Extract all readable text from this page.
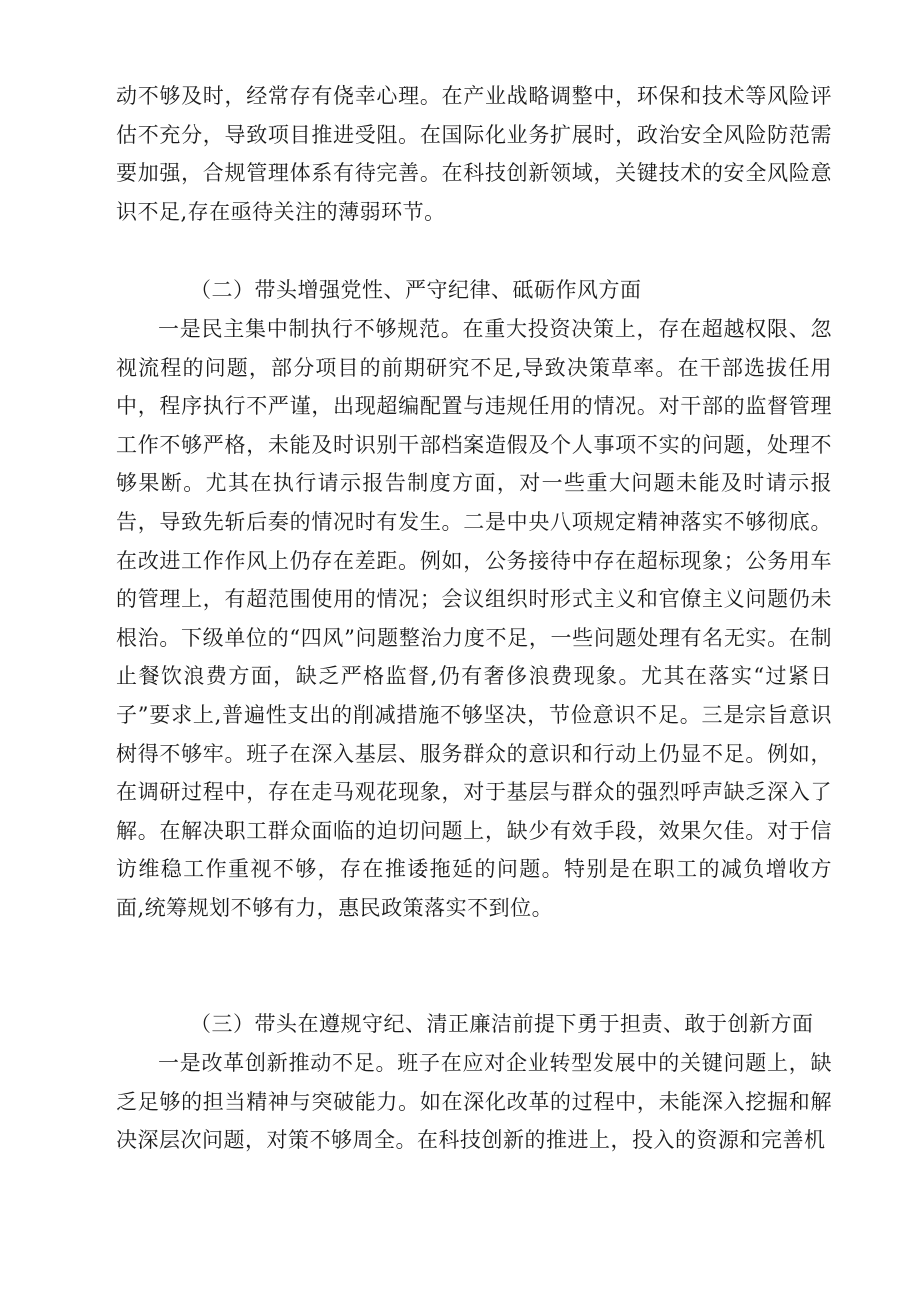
动不够及时，经常存有侥幸心理。在产业战略调整中，环保和技术等风险评估不充分，导致项目推进受阻。在国际化业务扩展时，政治安全风险防范需要加强，合规管理体系有待完善。在科技创新领域，关键技术的安全风险意识不足,存在亟待关注的薄弱环节。

（二）带头增强党性、严守纪律、砥砺作风方面

一是民主集中制执行不够规范。在重大投资决策上，存在超越权限、忽视流程的问题，部分项目的前期研究不足,导致决策草率。在干部选拔任用中，程序执行不严谨，出现超编配置与违规任用的情况。对干部的监督管理工作不够严格，未能及时识别干部档案造假及个人事项不实的问题，处理不够果断。尤其在执行请示报告制度方面，对一些重大问题未能及时请示报告，导致先斩后奏的情况时有发生。二是中央八项规定精神落实不够彻底。在改进工作作风上仍存在差距。例如，公务接待中存在超标现象；公务用车的管理上，有超范围使用的情况；会议组织时形式主义和官僚主义问题仍未根治。下级单位的“四风”问题整治力度不足，一些问题处理有名无实。在制止餐饮浪费方面，缺乏严格监督,仍有奢侈浪费现象。尤其在落实“过紧日子”要求上,普遍性支出的削减措施不够坚决，节俭意识不足。三是宗旨意识树得不够牢。班子在深入基层、服务群众的意识和行动上仍显不足。例如，在调研过程中，存在走马观花现象，对于基层与群众的强烈呼声缺乏深入了解。在解决职工群众面临的迫切问题上，缺少有效手段，效果欠佳。对于信访维稳工作重视不够，存在推诿拖延的问题。特别是在职工的减负增收方面,统筹规划不够有力，惠民政策落实不到位。

（三）带头在遵规守纪、清正廉洁前提下勇于担责、敢于创新方面

一是改革创新推动不足。班子在应对企业转型发展中的关键问题上，缺乏足够的担当精神与突破能力。如在深化改革的过程中，未能深入挖掘和解决深层次问题，对策不够周全。在科技创新的推进上，投入的资源和完善机
